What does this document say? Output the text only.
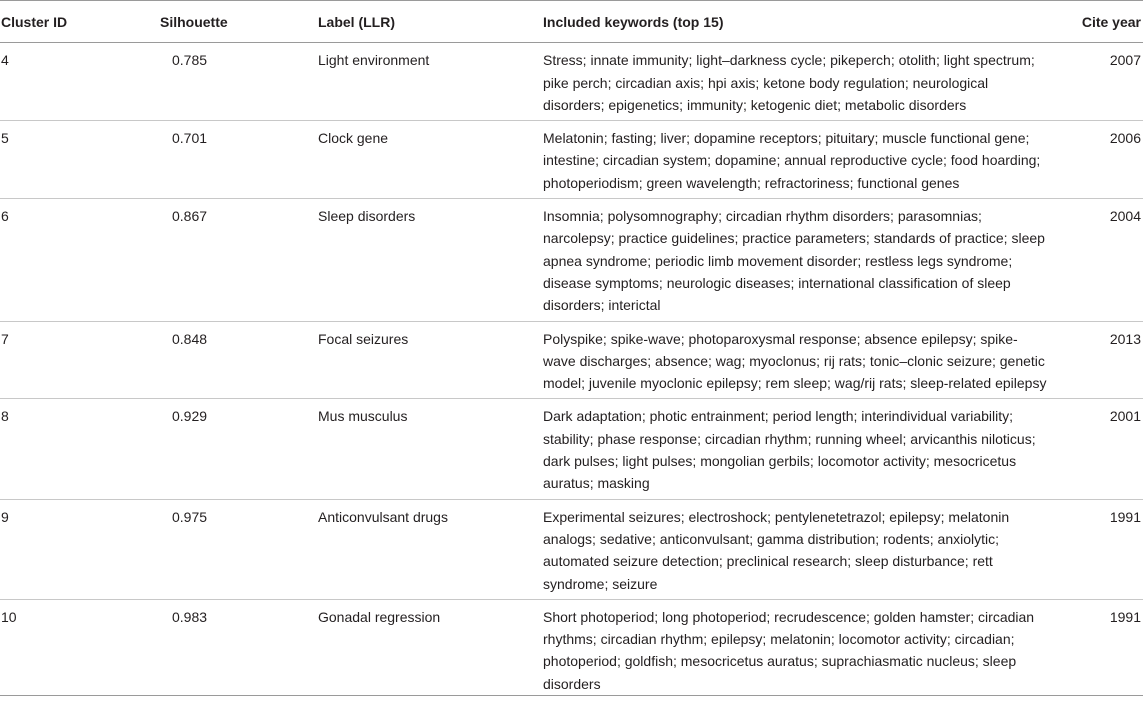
Cluster ID	Silhouette	Label (LLR)	Included keywords (top 15)	Cite year
4	0.785	Light environment	Stress; innate immunity; light–darkness cycle; pikeperch; otolith; light spectrum; pike perch; circadian axis; hpi axis; ketone body regulation; neurological disorders; epigenetics; immunity; ketogenic diet; metabolic disorders	2007
5	0.701	Clock gene	Melatonin; fasting; liver; dopamine receptors; pituitary; muscle functional gene; intestine; circadian system; dopamine; annual reproductive cycle; food hoarding; photoperiodism; green wavelength; refractoriness; functional genes	2006
6	0.867	Sleep disorders	Insomnia; polysomnography; circadian rhythm disorders; parasomnias; narcolepsy; practice guidelines; practice parameters; standards of practice; sleep apnea syndrome; periodic limb movement disorder; restless legs syndrome; disease symptoms; neurologic diseases; international classification of sleep disorders; interictal	2004
7	0.848	Focal seizures	Polyspike; spike-wave; photoparoxysmal response; absence epilepsy; spike-wave discharges; absence; wag; myoclonus; rij rats; tonic–clonic seizure; genetic model; juvenile myoclonic epilepsy; rem sleep; wag/rij rats; sleep-related epilepsy	2013
8	0.929	Mus musculus	Dark adaptation; photic entrainment; period length; interindividual variability; stability; phase response; circadian rhythm; running wheel; arvicanthis niloticus; dark pulses; light pulses; mongolian gerbils; locomotor activity; mesocricetus auratus; masking	2001
9	0.975	Anticonvulsant drugs	Experimental seizures; electroshock; pentylenetetrazol; epilepsy; melatonin analogs; sedative; anticonvulsant; gamma distribution; rodents; anxiolytic; automated seizure detection; preclinical research; sleep disturbance; rett syndrome; seizure	1991
10	0.983	Gonadal regression	Short photoperiod; long photoperiod; recrudescence; golden hamster; circadian rhythms; circadian rhythm; epilepsy; melatonin; locomotor activity; circadian; photoperiod; goldfish; mesocricetus auratus; suprachiasmatic nucleus; sleep disorders	1991
